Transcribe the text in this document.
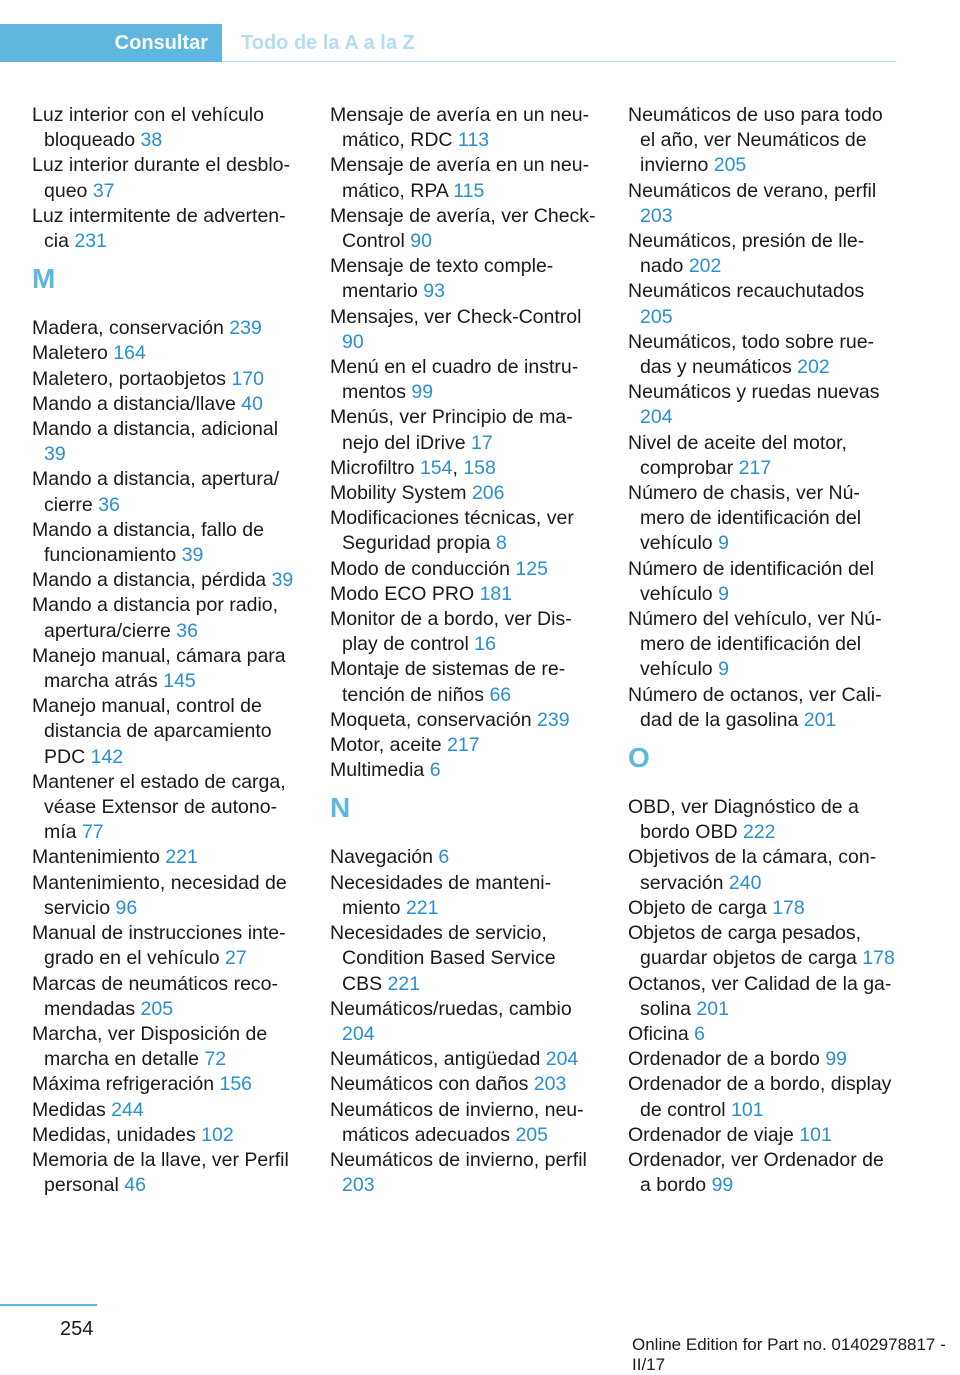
Consultar	Todo de la A a la Z
Luz interior con el vehículo bloqueado 38
Luz interior durante el desbloqueo 37
Luz intermitente de advertencia 231
M
Madera, conservación 239
Maletero 164
Maletero, portaobjetos 170
Mando a distancia/llave 40
Mando a distancia, adicional 39
Mando a distancia, apertura/ cierre 36
Mando a distancia, fallo de funcionamiento 39
Mando a distancia, pérdida 39
Mando a distancia por radio, apertura/cierre 36
Manejo manual, cámara para marcha atrás 145
Manejo manual, control de distancia de aparcamiento PDC 142
Mantener el estado de carga, véase Extensor de autonomía 77
Mantenimiento 221
Mantenimiento, necesidad de servicio 96
Manual de instrucciones integrado en el vehículo 27
Marcas de neumáticos recomendadas 205
Marcha, ver Disposición de marcha en detalle 72
Máxima refrigeración 156
Medidas 244
Medidas, unidades 102
Memoria de la llave, ver Perfil personal 46
Mensaje de avería en un neumático, RDC 113
Mensaje de avería en un neumático, RPA 115
Mensaje de avería, ver Check-Control 90
Mensaje de texto complementario 93
Mensajes, ver Check-Control 90
Menú en el cuadro de instrumentos 99
Menús, ver Principio de manejo del iDrive 17
Microfiltro 154, 158
Mobility System 206
Modificaciones técnicas, ver Seguridad propia 8
Modo de conducción 125
Modo ECO PRO 181
Monitor de a bordo, ver Display de control 16
Montaje de sistemas de retención de niños 66
Moqueta, conservación 239
Motor, aceite 217
Multimedia 6
N
Navegación 6
Necesidades de mantenimiento 221
Necesidades de servicio, Condition Based Service CBS 221
Neumáticos/ruedas, cambio 204
Neumáticos, antigüedad 204
Neumáticos con daños 203
Neumáticos de invierno, neumáticos adecuados 205
Neumáticos de invierno, perfil 203
Neumáticos de uso para todo el año, ver Neumáticos de invierno 205
Neumáticos de verano, perfil 203
Neumáticos, presión de llenado 202
Neumáticos recauchutados 205
Neumáticos, todo sobre ruedas y neumáticos 202
Neumáticos y ruedas nuevas 204
Nivel de aceite del motor, comprobar 217
Número de chasis, ver Número de identificación del vehículo 9
Número de identificación del vehículo 9
Número del vehículo, ver Número de identificación del vehículo 9
Número de octanos, ver Calidad de la gasolina 201
O
OBD, ver Diagnóstico de a bordo OBD 222
Objetivos de la cámara, conservación 240
Objeto de carga 178
Objetos de carga pesados, guardar objetos de carga 178
Octanos, ver Calidad de la gasolina 201
Oficina 6
Ordenador de a bordo 99
Ordenador de a bordo, display de control 101
Ordenador de viaje 101
Ordenador, ver Ordenador de a bordo 99
254
Online Edition for Part no. 01402978817 - II/17
